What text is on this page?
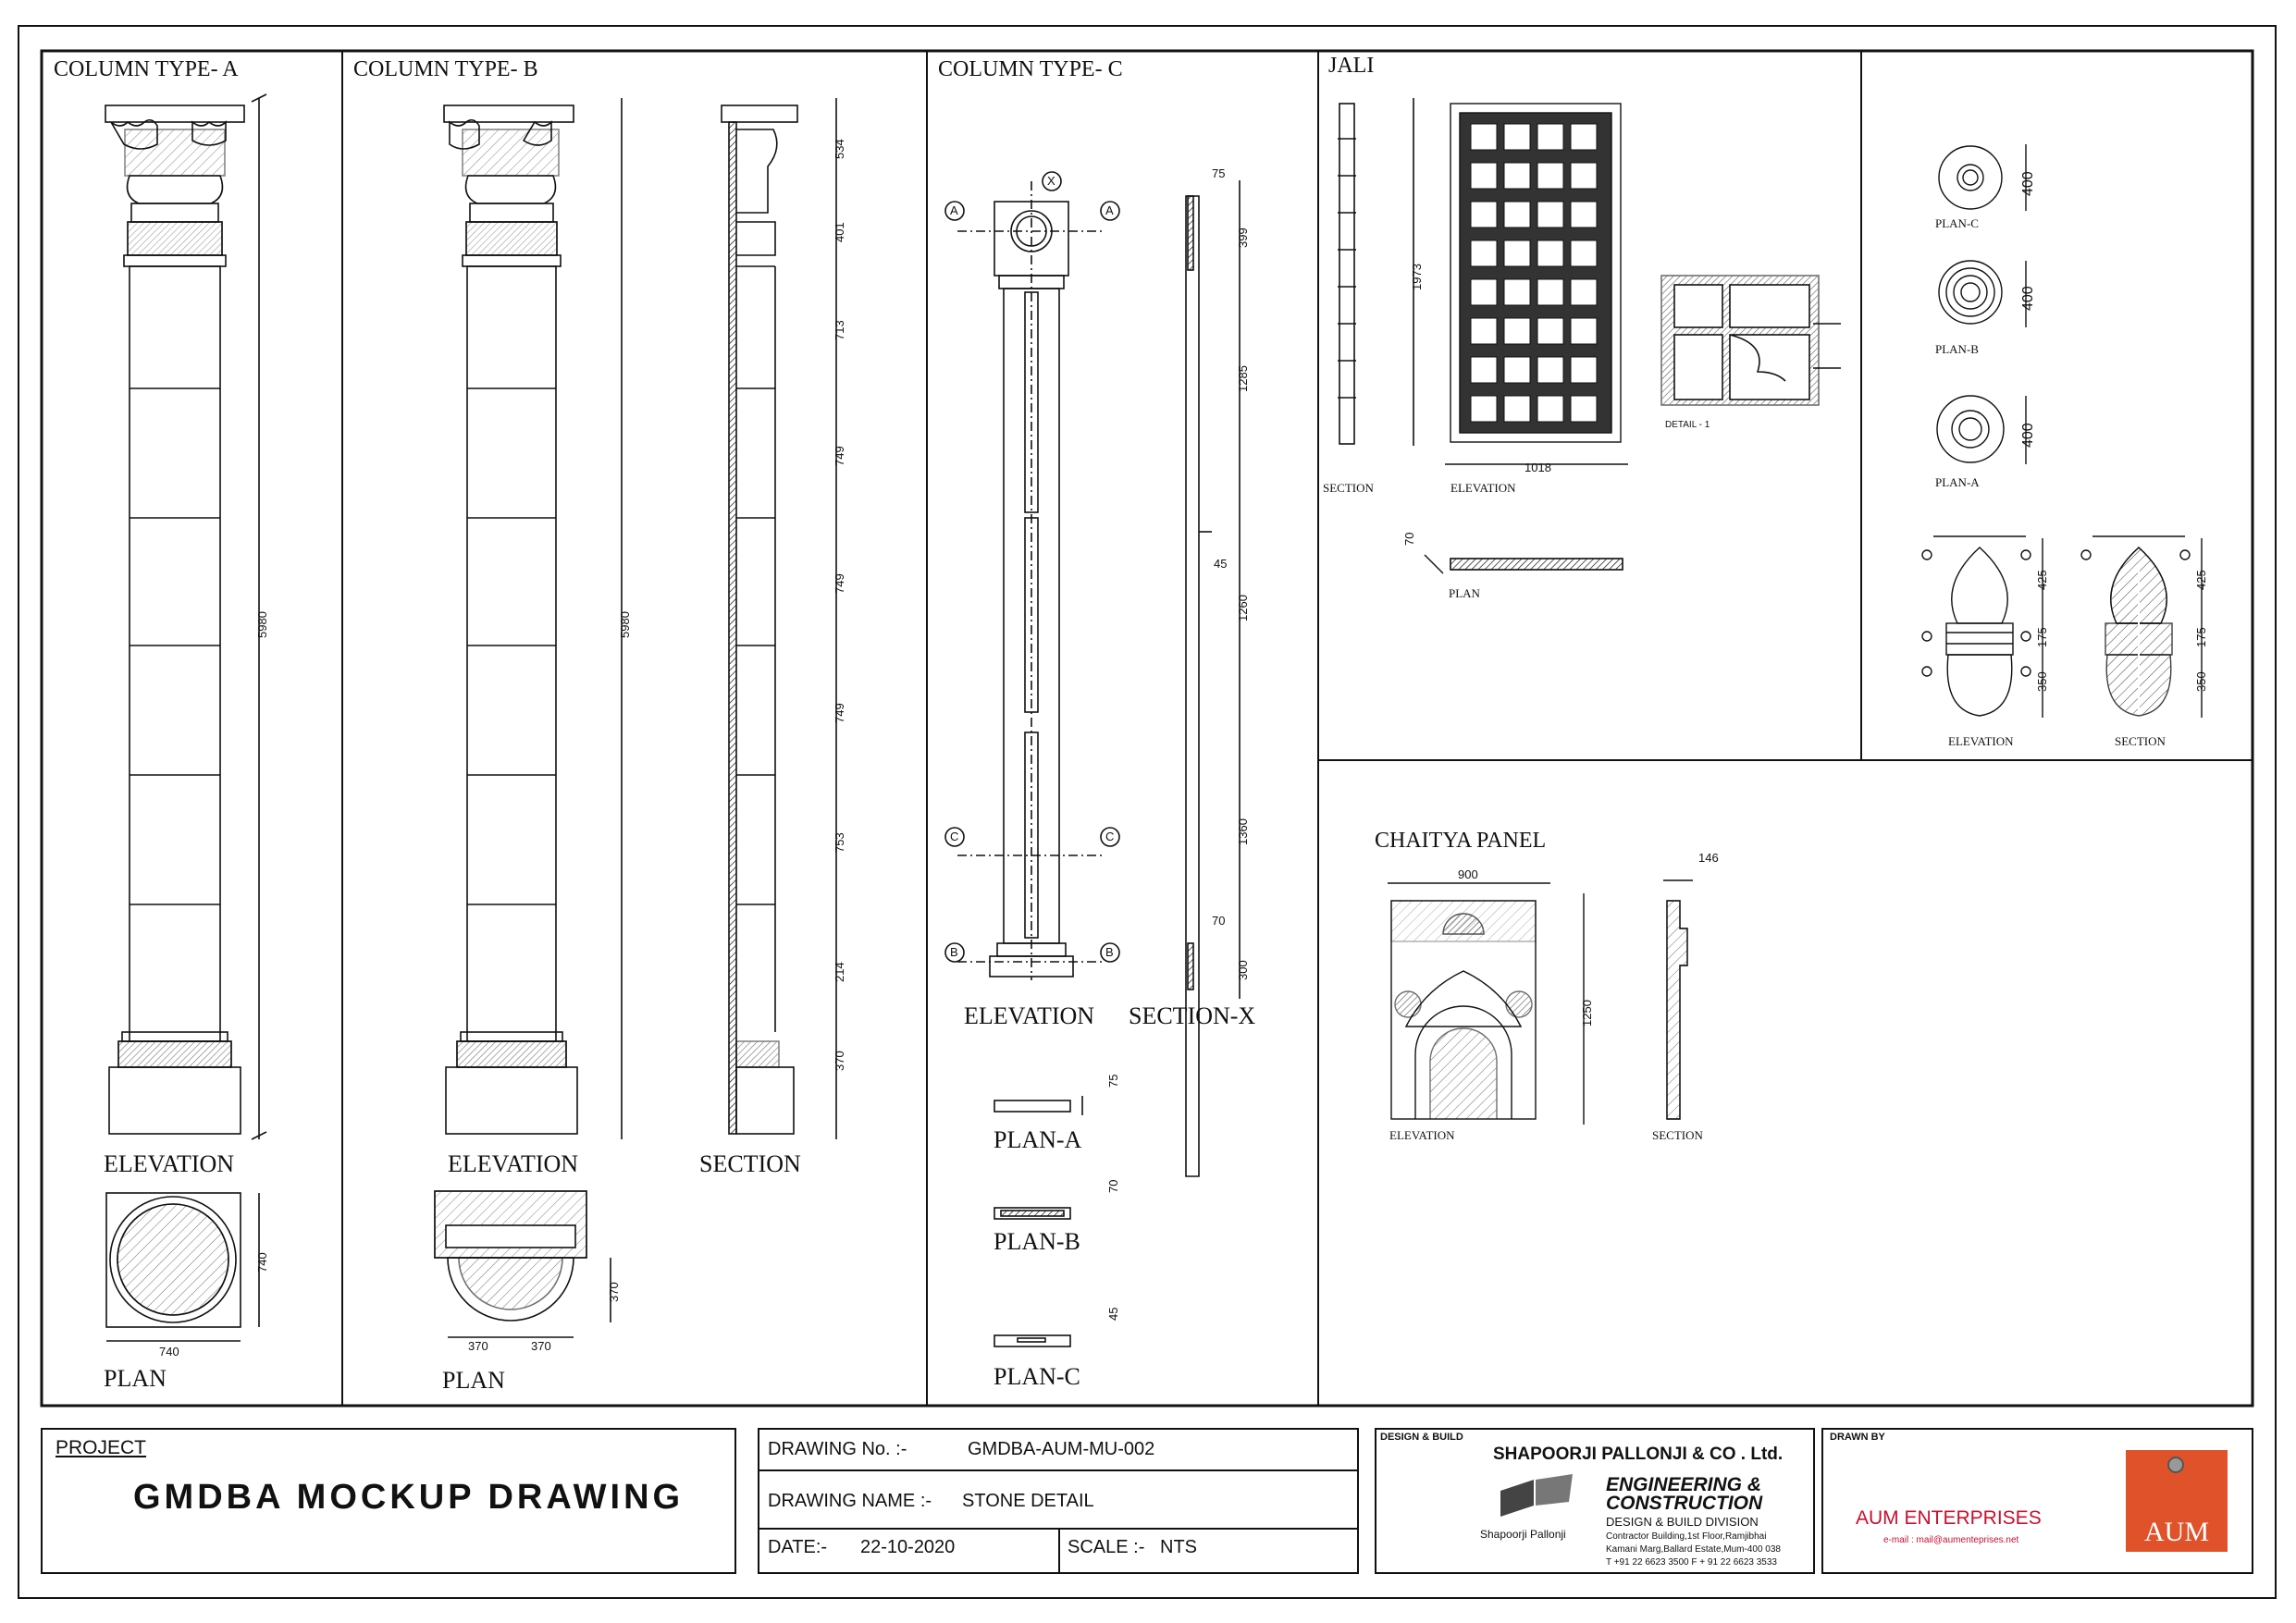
COLUMN TYPE- A
ELEVATION
PLAN
5980
740
740
COLUMN TYPE- B
ELEVATION	SECTION
PLAN
5980
534
401
713
749
749
749
753
214
370
370
370	370
COLUMN TYPE- C
A	A
X
C	C
B	B
ELEVATION SECTION-X
75
399
1285
45
1260
1360
70
300
PLAN-A
75
PLAN-B
70
PLAN-C
45
JALI
SECTION	ELEVATION
PLAN
1973
1018
70
DETAIL - 1
PLAN-C
PLAN-B
PLAN-A
400
400
400
425
175
350
425
175
350
ELEVATION	SECTION
CHAITYA PANEL
900
1250
146
ELEVATION	SECTION
PROJECT
GMDBA MOCKUP DRAWING
DRAWING No. :-	GMDBA-AUM-MU-002
DRAWING NAME :- STONE DETAIL
DATE:- 22-10-2020	SCALE :- NTS
DESIGN & BUILD
SHAPOORJI PALLONJI & CO . Ltd.
Shapoorji Pallonji
ENGINEERING &
CONSTRUCTION
DESIGN & BUILD DIVISION
Contractor Building,1st Floor,Ramjibhai
Kamani Marg,Ballard Estate,Mum-400 038
T +91 22 6623 3500 F + 91 22 6623 3533
DRAWN BY
AUM ENTERPRISES
e-mail : mail@aumenteprises.net	AUM
